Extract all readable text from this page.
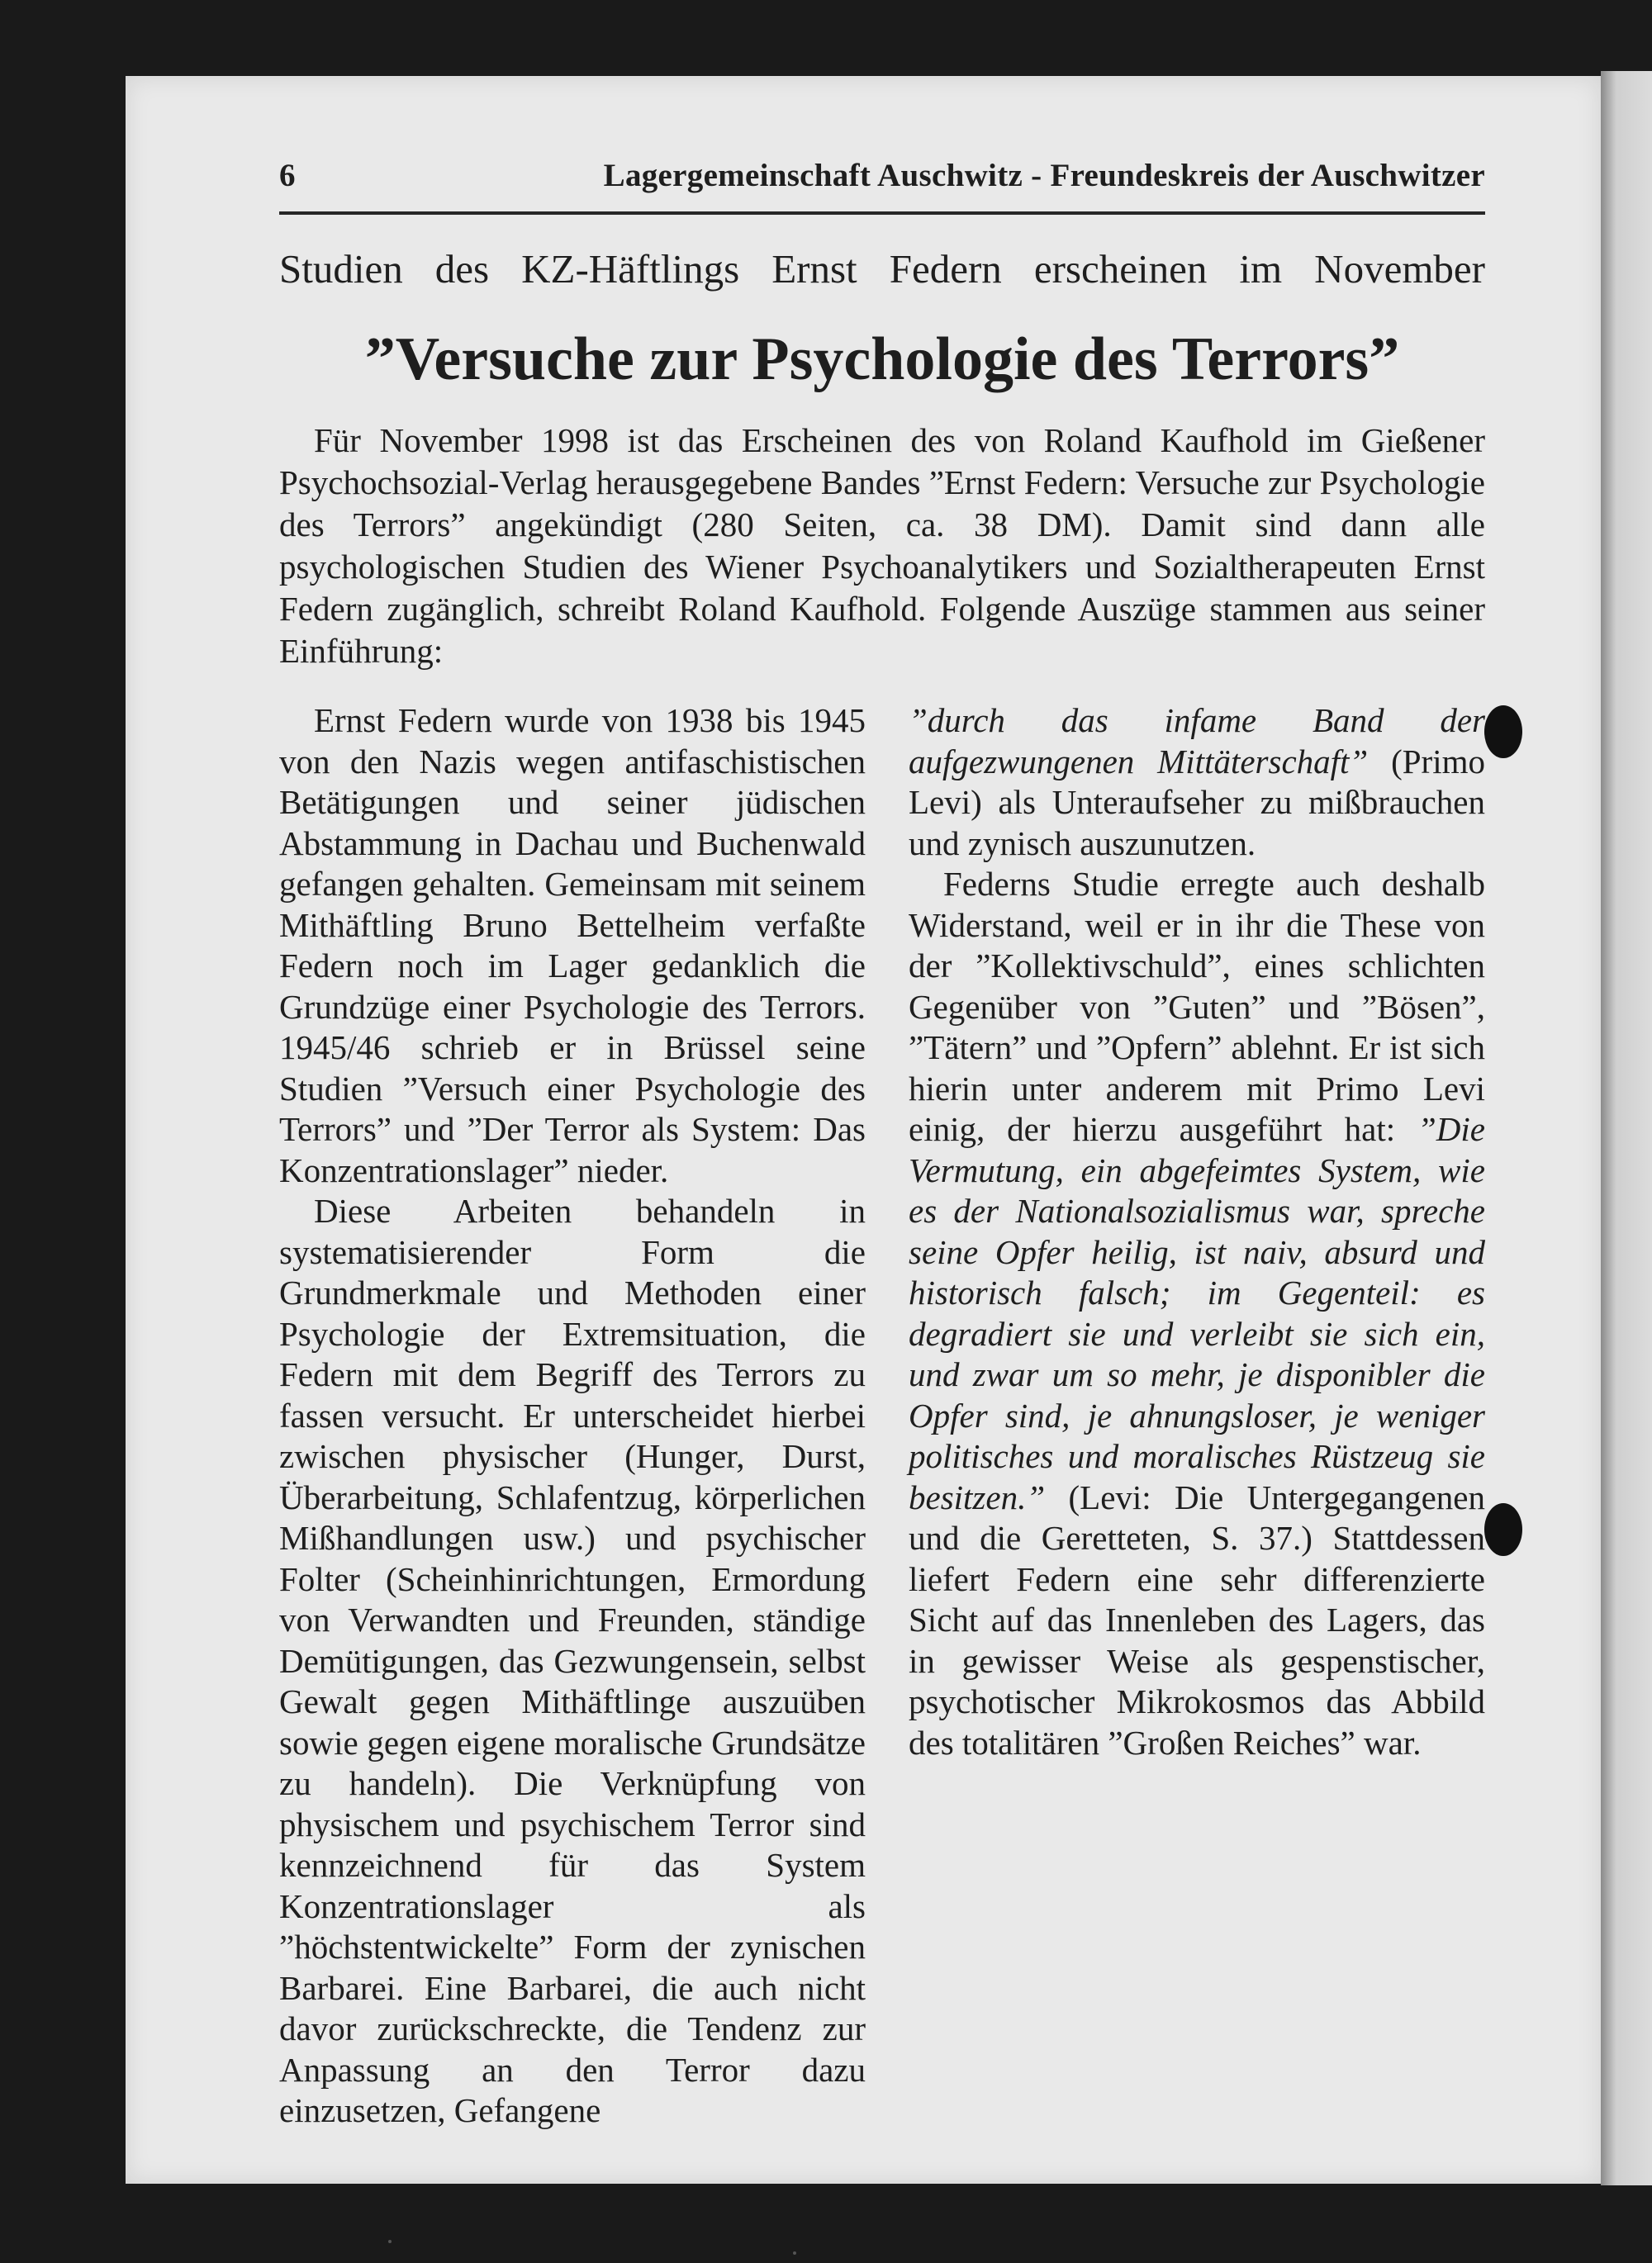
6	Lagergemeinschaft Auschwitz - Freundeskreis der Auschwitzer
Studien des KZ-Häftlings Ernst Federn erscheinen im November
”Versuche zur Psychologie des Terrors”

Für November 1998 ist das Erscheinen des von Roland Kaufhold im Gießener Psychochsozial-Verlag herausgegebene Bandes ”Ernst Federn: Versuche zur Psychologie des Terrors” angekündigt (280 Seiten, ca. 38 DM). Damit sind dann alle psychologischen Studien des Wiener Psychoanalytikers und Sozialtherapeuten Ernst Federn zugänglich, schreibt Roland Kaufhold. Folgende Auszüge stammen aus seiner Einführung:

Ernst Federn wurde von 1938 bis 1945 von den Nazis wegen antifaschistischen Betätigungen und seiner jüdischen Abstammung in Dachau und Buchenwald gefangen gehalten. Gemeinsam mit seinem Mithäftling Bruno Bettelheim verfaßte Federn noch im Lager gedanklich die Grundzüge einer Psychologie des Terrors. 1945/46 schrieb er in Brüssel seine Studien ”Versuch einer Psychologie des Terrors” und ”Der Terror als System: Das Konzentrationslager” nieder.

Diese Arbeiten behandeln in systematisierender Form die Grundmerkmale und Methoden einer Psychologie der Extremsituation, die Federn mit dem Begriff des Terrors zu fassen versucht. Er unterscheidet hierbei zwischen physischer (Hunger, Durst, Überarbeitung, Schlafentzug, körperlichen Mißhandlungen usw.) und psychischer Folter (Scheinhinrichtungen, Ermordung von Verwandten und Freunden, ständige Demütigungen, das Gezwungensein, selbst Gewalt gegen Mithäftlinge auszuüben sowie gegen eigene moralische Grundsätze zu handeln). Die Verknüpfung von physischem und psychischem Terror sind kennzeichnend für das System Konzentrationslager als ”höchstentwickelte” Form der zynischen Barbarei. Eine Barbarei, die auch nicht davor zurückschreckte, die Tendenz zur Anpassung an den Terror dazu einzusetzen, Gefangene

”durch das infame Band der aufgezwungenen Mittäterschaft” (Primo Levi) als Unteraufseher zu mißbrauchen und zynisch auszunutzen.

Federns Studie erregte auch deshalb Widerstand, weil er in ihr die These von der ”Kollektivschuld”, eines schlichten Gegenüber von ”Guten” und ”Bösen”, ”Tätern” und ”Opfern” ablehnt. Er ist sich hierin unter anderem mit Primo Levi einig, der hierzu ausgeführt hat: ”Die Vermutung, ein abgefeimtes System, wie es der Nationalsozialismus war, spreche seine Opfer heilig, ist naiv, absurd und historisch falsch; im Gegenteil: es degradiert sie und verleibt sie sich ein, und zwar um so mehr, je disponibler die Opfer sind, je ahnungsloser, je weniger politisches und moralisches Rüstzeug sie besitzen.” (Levi: Die Untergegangenen und die Geretteten, S. 37.) Stattdessen liefert Federn eine sehr differenzierte Sicht auf das Innenleben des Lagers, das in gewisser Weise als gespenstischer, psychotischer Mikrokosmos das Abbild des totalitären ”Großen Reiches” war.
